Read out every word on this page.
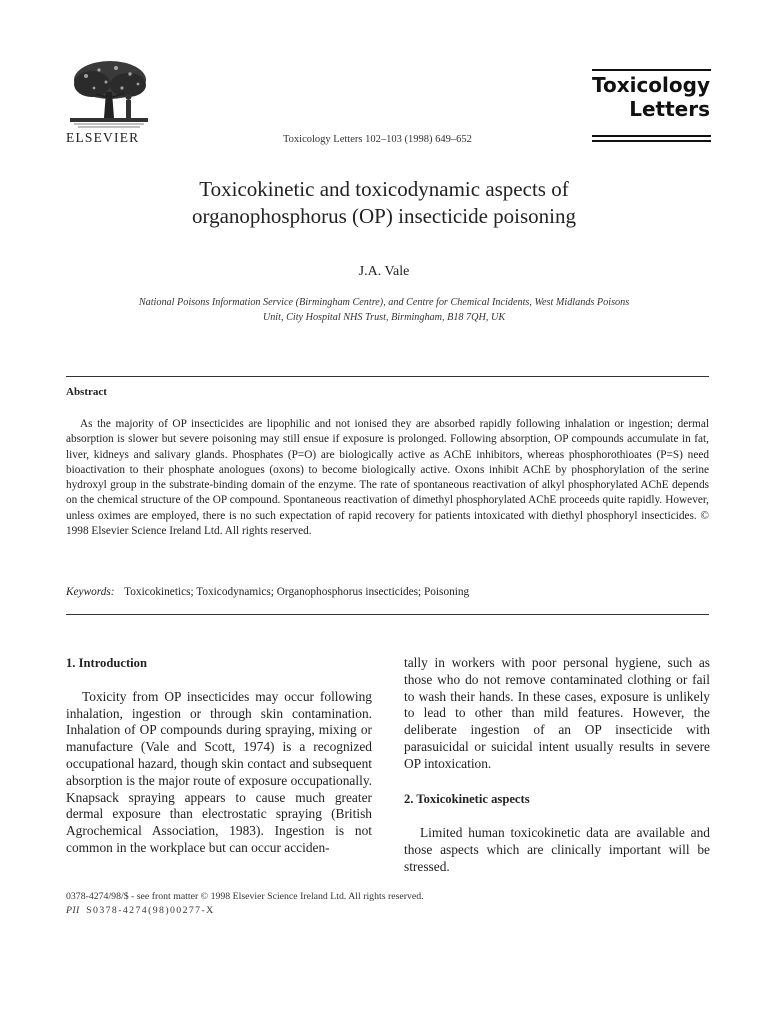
ELSEVIER	Toxicology Letters 102–103 (1998) 649–652
Toxicology
Letters
Toxicokinetic and toxicodynamic aspects of
organophosphorus (OP) insecticide poisoning
J.A. Vale
National Poisons Information Service (Birmingham Centre), and Centre for Chemical Incidents, West Midlands Poisons
Unit, City Hospital NHS Trust, Birmingham, B18 7QH, UK
Abstract
As the majority of OP insecticides are lipophilic and not ionised they are absorbed rapidly following inhalation or ingestion; dermal absorption is slower but severe poisoning may still ensue if exposure is prolonged. Following absorption, OP compounds accumulate in fat, liver, kidneys and salivary glands. Phosphates (P=O) are biologically active as AChE inhibitors, whereas phosphorothioates (P=S) need bioactivation to their phosphate anologues (oxons) to become biologically active. Oxons inhibit AChE by phosphorylation of the serine hydroxyl group in the substrate-binding domain of the enzyme. The rate of spontaneous reactivation of alkyl phosphorylated AChE depends on the chemical structure of the OP compound. Spontaneous reactivation of dimethyl phosphorylated AChE proceeds quite rapidly. However, unless oximes are employed, there is no such expectation of rapid recovery for patients intoxicated with diethyl phosphoryl insecticides. © 1998 Elsevier Science Ireland Ltd. All rights reserved.
Keywords: Toxicokinetics; Toxicodynamics; Organophosphorus insecticides; Poisoning
1. Introduction

Toxicity from OP insecticides may occur following inhalation, ingestion or through skin contamination. Inhalation of OP compounds during spraying, mixing or manufacture (Vale and Scott, 1974) is a recognized occupational hazard, though skin contact and subsequent absorption is the major route of exposure occupationally. Knapsack spraying appears to cause much greater dermal exposure than electrostatic spraying (British Agrochemical Association, 1983). Ingestion is not common in the workplace but can occur acciden-

tally in workers with poor personal hygiene, such as those who do not remove contaminated clothing or fail to wash their hands. In these cases, exposure is unlikely to lead to other than mild features. However, the deliberate ingestion of an OP insecticide with parasuicidal or suicidal intent usually results in severe OP intoxication.

2. Toxicokinetic aspects

Limited human toxicokinetic data are available and those aspects which are clinically important will be stressed.

0378-4274/98/$ - see front matter © 1998 Elsevier Science Ireland Ltd. All rights reserved.
PII S0378-4274(98)00277-X
